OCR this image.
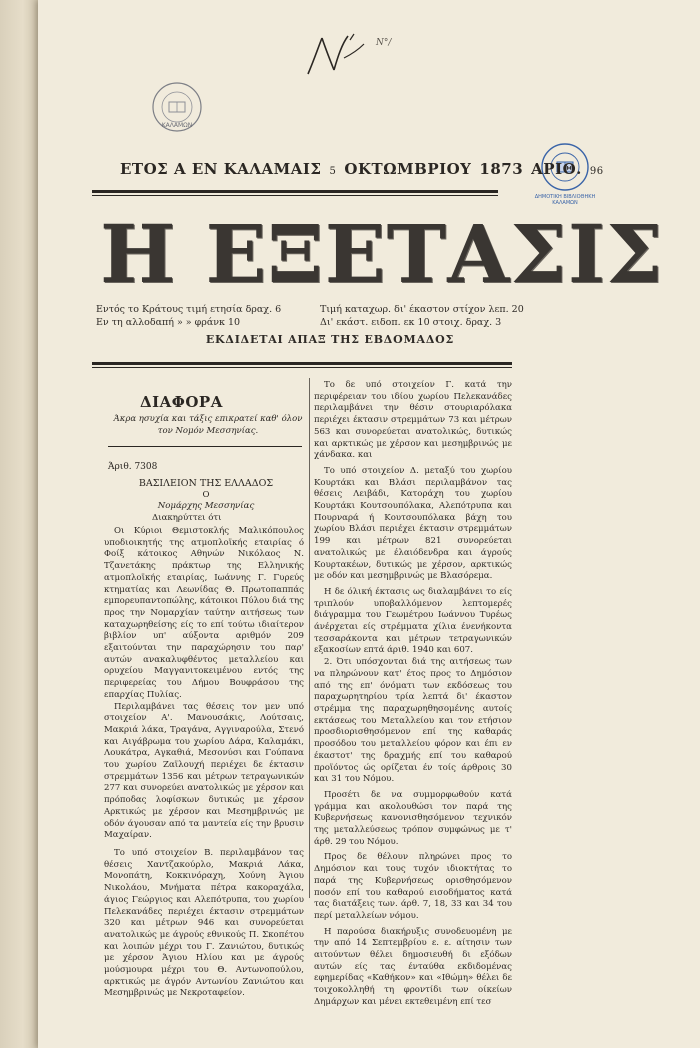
ΚΑΛΑΜΩΝ
ΔΗΜΟΤΙΚΗ ΒΙΒΛΙΟΘΗΚΗ ΚΑΛΑΜΩΝ
ΕΤΟΣ Α ΕΝ ΚΑΛΑΜΑΙΣ 5 ΟΚΤΩΜΒΡΙΟΥ 1873 ΑΡΙΘ. 96
Ν°/
Η ΕΞΕΤΑΣΙΣ
Εντός το Κράτους τιμή ετησία δραχ. 6
Εν τη αλλοδαπή » » φράνκ 10
Τιμή καταχωρ. δι' έκαστον στίχον λεπ. 20
Δι' εκάστ. ειδοπ. εκ 10 στοιχ. δραχ. 3
ΕΚΔΙΔΕΤΑΙ ΑΠΑΞ ΤΗΣ ΕΒΔΟΜΑΔΟΣ
ΔΙΑΦΟΡΑ
Άκρα ησυχία και τάξις επικρατεί καθ' όλον τον Νομόν Μεσσηνίας.
Άριθ. 7308
ΒΑΣΙΛΕΙΟΝ ΤΗΣ ΕΛΛΑΔΟΣ
Ο
Νομάρχης Μεσσηνίας
Διακηρύττει ότι

Οι Κύριοι Θεμιστοκλής Μαλικόπουλος υποδιοικητής της ατμοπλοϊκής εταιρίας ό Φοίξ κάτοικος Αθηνών Νικόλαος Ν. Τζανετάκης πράκτωρ της Ελληνικής ατμοπλοϊκής εταιρίας, Ιωάννης Γ. Γυρεύς κτηματίας και Λεωνίδας Θ. Πρωτοπαππάς εμπορευπαντοπώλης, κάτοικοι Πύλου διά της προς την Νομαρχίαν ταύτην αιτήσεως των καταχωρηθείσης είς το επί τούτω ιδιαίτερον βιβλίον υπ' αύξοντα αριθμόν 209 εξαιτούνται την παραχώρησιν του παρ' αυτών ανακαλυφθέντος μεταλλείου και ορυχείου Μαγγανιτοκειμένου εντός της περιφερείας του Δήμου Βουφράσου της επαρχίας Πυλίας.

Περιλαμβάνει τας θέσεις τον μεν υπό στοιχείον Α'. Μανουσάκις, Λούτσαις, Μακριά λάκα, Τραγάνα, Αγγιναρούλα, Στενό και Αιγάβρωμα του χωρίου Δάρα, Καλαμάκι, Λουκάτρα, Αγκαθιά, Μεσονύσι και Γούπανα του χωρίου Ζαϊλουχή περιέχει δε έκτασιν στρεμμάτων 1356 και μέτρων τετραγωνικών 277 και συνορεύει ανατολικώς με χέρσον και πρόποδας λοφίσκων δυτικώς με χέρσον Αρκτικώς με χέρσον και Μεσημβρινώς με οδόν άγουσαν από τα μαντεία είς την βρυσιν Μαχαίραν.

Το υπό στοιχείον Β. περιλαμβάνον τας θέσεις Χαντζακούρλο, Μακριά Λάκα, Μονοπάτη, Κοκκινόραχη, Χούνη Άγιου Νικολάου, Μνήματα πέτρα κακοραχάλα, άγιος Γεώργιος και Αλεπότρυπα, του χωρίου Πελεκανάδες περιέχει έκτασιν στρεμμάτων 320 και μέτρων 946 και συνορεύεται ανατολικώς με άγρούς εθνικούς Π. Σκοπέτου και λοιπών μέχρι του Γ. Ζανιώτου, δυτικώς με χέρσον Άγιου Ηλίου και με άγρούς μούσμουρα μέχρι του Θ. Αντωνοπούλου, αρκτικώς με άγρόν Αντωνίου Ζανιώτου και Μεσημβρινώς με Νεκροταφείον.

Το δε υπό στοιχείον Γ. κατά την περιφέρειαν του ιδίου χωρίου Πελεκανάδες περιλαμβάνει την θέσιν στουριαρόλακα περιέχει έκτασιν στρεμμάτων 73 και μέτρων 563 και συνορεύεται ανατολικώς, δυτικώς και αρκτικώς με χέρσον και μεσημβρινώς με χάνδακα. και

Το υπό στοιχείον Δ. μεταξύ του χωρίου Κουρτάκι και Βλάσι περιλαμβάνον τας θέσεις Λειβάδι, Κατοράχη του χωρίου Κουρτάκι Κουτσουπόλακα, Αλεπότρυπα και Πουρναρά ή Κουτσουπόλακα βάχη του χωρίου Βλάσι περιέχει έκτασιν στρεμμάτων 199 και μέτρων 821 συνορεύεται ανατολικώς με έλαιόδενδρα και άγρούς Κουρτακέων, δυτικώς με χέρσον, αρκτικώς με οδόν και μεσημβρινώς με Βλασόρεμα.

Η δε όλική έκτασις ως διαλαμβάνει το είς τριπλούν υποβαλλόμενον λεπτομερές διάγραμμα του Γεωμέτρου Ιωάννου Τυρέως άνέρχεται είς στρέμματα χίλια ένενήκοντα τεσσαράκοντα και μέτρων τετραγωνικών εξακοσίων επτά άριθ. 1940 και 607.

2. Ότι υπόσχονται διά της αιτήσεως των να πληρώνουν κατ' έτος προς το Δημόσιον από της επ' όνόματι των εκδόσεως του παραχωρητηρίου τρία λεπτά δι' έκαστον στρέμμα της παραχωρηθησομένης αυτοίς εκτάσεως του Μεταλλείου και τον ετήσιον προσδιορισθησόμενον επί της καθαράς προσόδου του μεταλλείου φόρον και έπι εν έκαστοτ' της δραχμής επί του καθαρού προϊόντος ώς ορίζεται έν τοίς άρθροις 30 και 31 του Νόμου.

Προσέτι δε να συμμορφωθούν κατά γράμμα και ακολουθώσι τον παρά της Κυβερνήσεως κανονισθησόμενον τεχνικόν της μεταλλεύσεως τρόπον συμφώνως με τ' άρθ. 29 του Νόμου.

Προς δε θέλουν πληρώνει προς το Δημόσιον και τους τυχόν ιδιοκτήτας το παρά της Κυβερνήσεως ορισθησόμενον ποσόν επί του καθαρού εισοδήματος κατά τας διατάξεις των. άρθ. 7, 18, 33 και 34 του περί μεταλλείων νόμου.

Η παρούσα διακήρυξις συνοδευομένη με την από 14 Σεπτεμβρίου ε. ε. αίτησιν των αιτούντων θέλει δημοσιευθή δι εξόδων αυτών είς τας ένταύθα εκδιδομένας εφημερίδας «Καθήκον» και «Ιθώμη» θέλει δε τοιχοκολληθή τη φροντίδι των οίκείων Δημάρχων και μένει εκτεθειμένη επί τεσ
